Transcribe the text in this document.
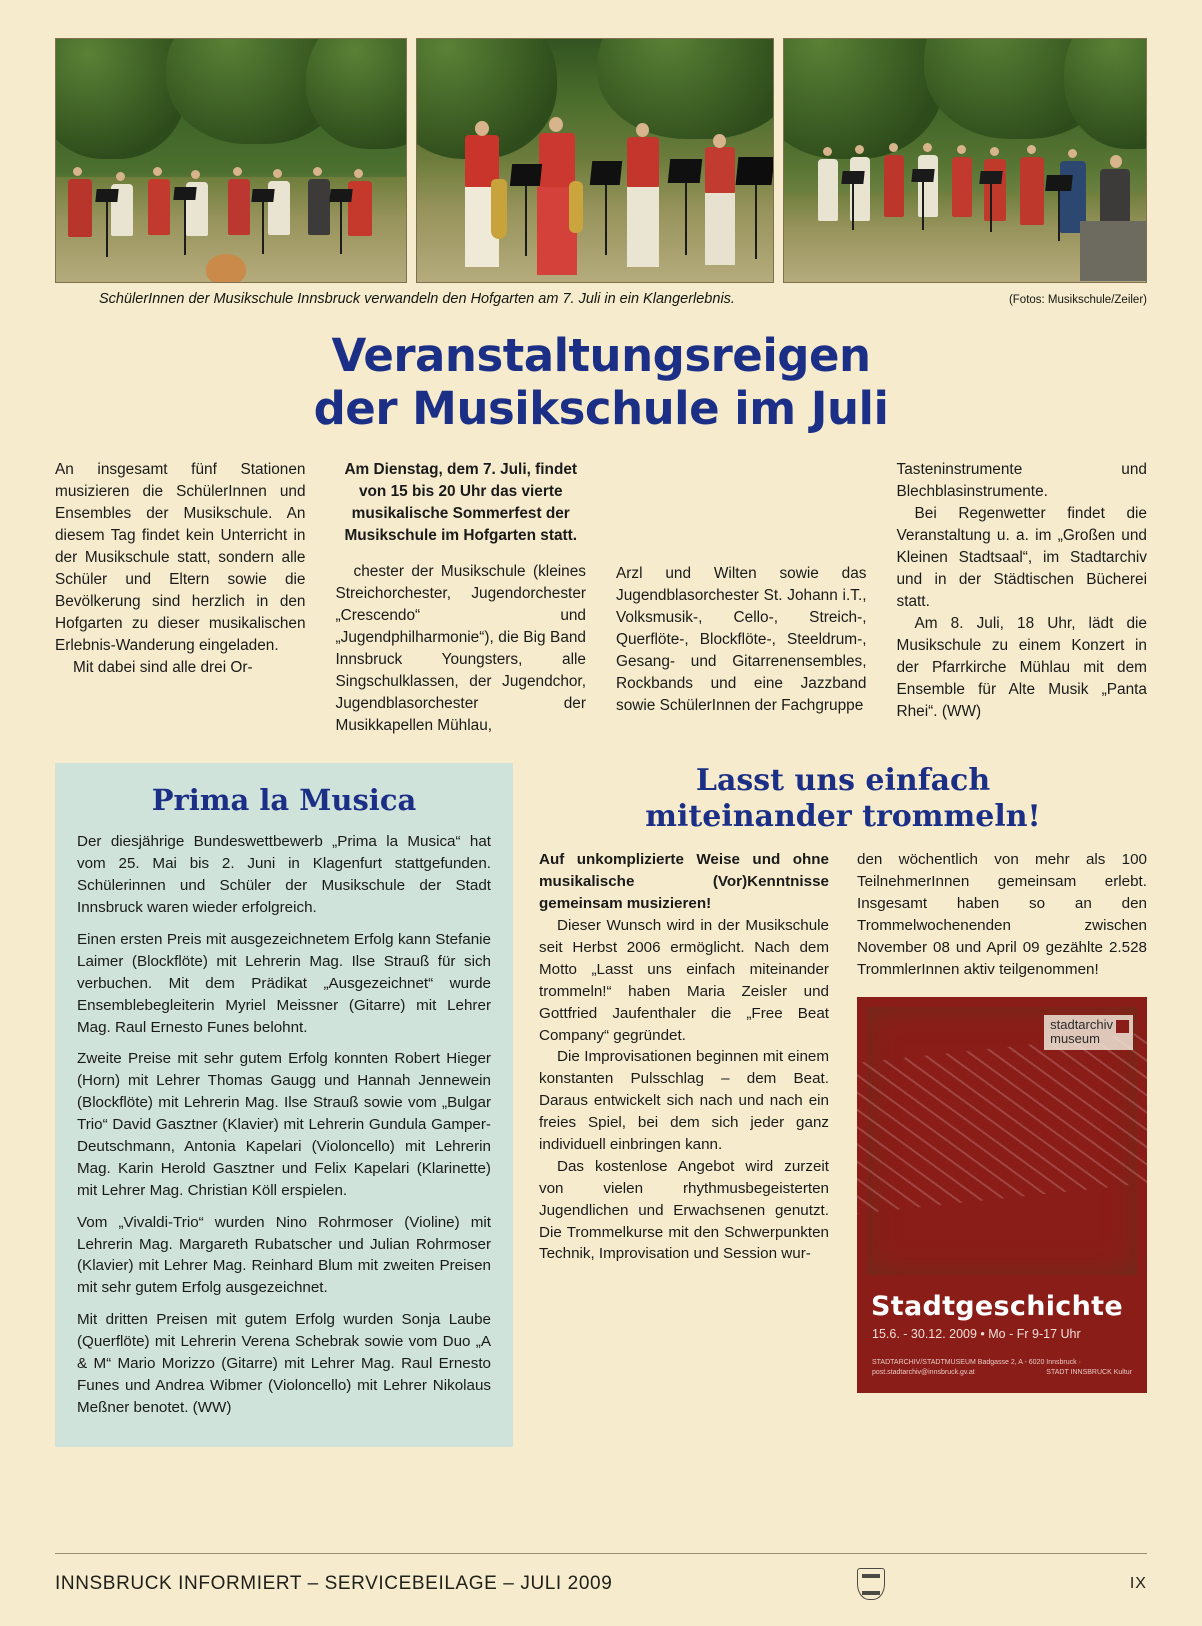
SchülerInnen der Musikschule Innsbruck verwandeln den Hofgarten am 7. Juli in ein Klangerlebnis.	(Fotos: Musikschule/Zeiler)
Veranstaltungsreigen
der Musikschule im Juli

An insgesamt fünf Stationen musizieren die SchülerInnen und Ensembles der Musikschule. An diesem Tag findet kein Unterricht in der Musikschule statt, sondern alle Schüler und Eltern sowie die Bevölkerung sind herzlich in den Hofgarten zu dieser musikalischen Erlebnis-Wanderung eingeladen.

Mit dabei sind alle drei Or-

Am Dienstag, dem 7. Juli, findet von 15 bis 20 Uhr das vierte musikalische Sommerfest der Musikschule im Hofgarten statt.

chester der Musikschule (kleines Streichorchester, Jugendorchester „Crescendo“ und „Jugendphilharmonie“), die Big Band Innsbruck Youngsters, alle Singschulklassen, der Jugendchor, Jugendblasorchester der Musikkapellen Mühlau,

Arzl und Wilten sowie das Jugendblasorchester St. Johann i.T., Volksmusik-, Cello-, Streich-, Querflöte-, Blockflöte-, Steeldrum-, Gesang- und Gitarrenensembles, Rockbands und eine Jazzband sowie SchülerInnen der Fachgruppe

Tasteninstrumente und Blechblasinstrumente.

Bei Regenwetter findet die Veranstaltung u. a. im „Großen und Kleinen Stadtsaal“, im Stadtarchiv und in der Städtischen Bücherei statt.

Am 8. Juli, 18 Uhr, lädt die Musikschule zu einem Konzert in der Pfarrkirche Mühlau mit dem Ensemble für Alte Musik „Panta Rhei“. (WW)

Prima la Musica

Der diesjährige Bundeswettbewerb „Prima la Musica“ hat vom 25. Mai bis 2. Juni in Klagenfurt stattgefunden. Schülerinnen und Schüler der Musikschule der Stadt Innsbruck waren wieder erfolgreich.

Einen ersten Preis mit ausgezeichnetem Erfolg kann Stefanie Laimer (Blockflöte) mit Lehrerin Mag. Ilse Strauß für sich verbuchen. Mit dem Prädikat „Ausgezeichnet“ wurde Ensemblebegleiterin Myriel Meissner (Gitarre) mit Lehrer Mag. Raul Ernesto Funes belohnt.

Zweite Preise mit sehr gutem Erfolg konnten Robert Hieger (Horn) mit Lehrer Thomas Gaugg und Hannah Jennewein (Blockflöte) mit Lehrerin Mag. Ilse Strauß sowie vom „Bulgar Trio“ David Gasztner (Klavier) mit Lehrerin Gundula Gamper-Deutschmann, Antonia Kapelari (Violoncello) mit Lehrerin Mag. Karin Herold Gasztner und Felix Kapelari (Klarinette) mit Lehrer Mag. Christian Köll erspielen.

Vom „Vivaldi-Trio“ wurden Nino Rohrmoser (Violine) mit Lehrerin Mag. Margareth Rubatscher und Julian Rohrmoser (Klavier) mit Lehrer Mag. Reinhard Blum mit zweiten Preisen mit sehr gutem Erfolg ausgezeichnet.

Mit dritten Preisen mit gutem Erfolg wurden Sonja Laube (Querflöte) mit Lehrerin Verena Schebrak sowie vom Duo „A & M“ Mario Morizzo (Gitarre) mit Lehrer Mag. Raul Ernesto Funes und Andrea Wibmer (Violoncello) mit Lehrer Nikolaus Meßner benotet. (WW)

Lasst uns einfach
miteinander trommeln!

Auf unkomplizierte Weise und ohne musikalische (Vor)Kenntnisse gemeinsam musizieren!

Dieser Wunsch wird in der Musikschule seit Herbst 2006 ermöglicht. Nach dem Motto „Lasst uns einfach miteinander trommeln!“ haben Maria Zeisler und Gottfried Jaufenthaler die „Free Beat Company“ gegründet.

Die Improvisationen beginnen mit einem konstanten Pulsschlag – dem Beat. Daraus entwickelt sich nach und nach ein freies Spiel, bei dem sich jeder ganz individuell einbringen kann.

Das kostenlose Angebot wird zurzeit von vielen rhythmusbegeisterten Jugendlichen und Erwachsenen genutzt. Die Trommelkurse mit den Schwerpunkten Technik, Improvisation und Session wur-

den wöchentlich von mehr als 100 TeilnehmerInnen gemeinsam erlebt. Insgesamt haben so an den Trommelwochenenden zwischen November 08 und April 09 gezählte 2.528 TrommlerInnen aktiv teilgenommen!

stadtarchiv
museum
Stadtgeschichte
15.6. - 30.12. 2009 • Mo - Fr 9-17 Uhr
STADTARCHIV/STADTMUSEUM Badgasse 2, A - 6020 Innsbruck · post.stadtarchiv@innsbruck.gv.at	STADT INNSBRUCK Kultur
INNSBRUCK INFORMIERT – SERVICEBEILAGE – JULI 2009	IX
